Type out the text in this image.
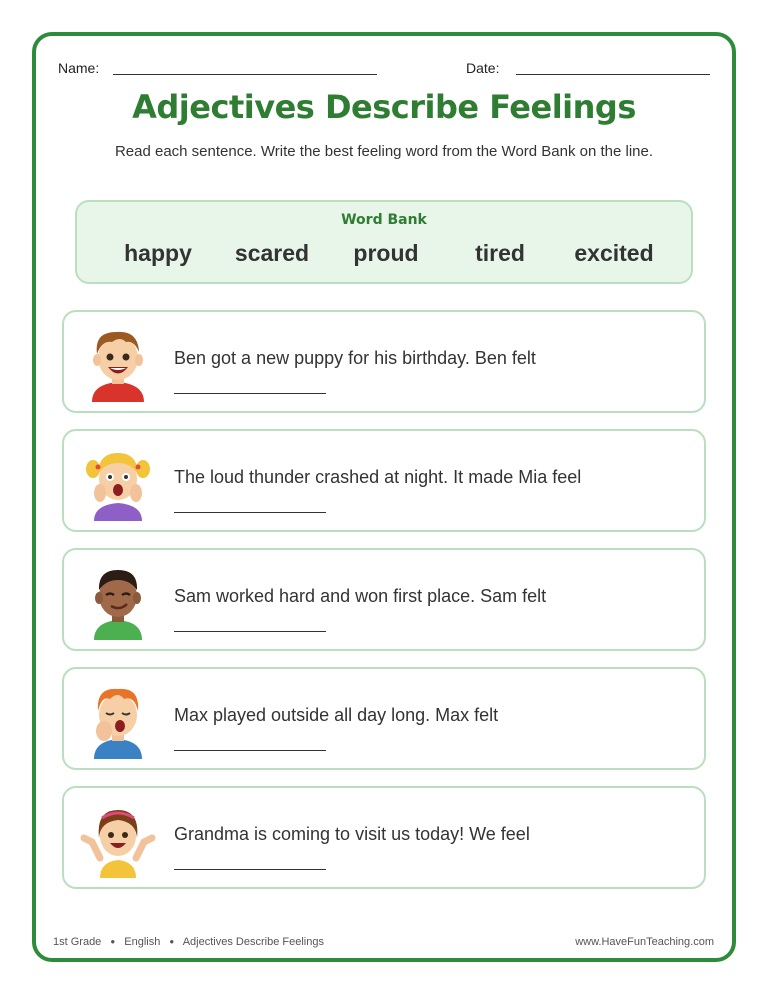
Name:	Date:
Adjectives Describe Feelings
Read each sentence. Write the best feeling word from the Word Bank on the line.
Word Bank
happy	scared	proud	tired	excited
Ben got a new puppy for his birthday. Ben felt
The loud thunder crashed at night. It made Mia feel
Sam worked hard and won first place. Sam felt
Max played outside all day long. Max felt
Grandma is coming to visit us today! We feel
1st Grade ● English ● Adjectives Describe Feelings	www.HaveFunTeaching.com
